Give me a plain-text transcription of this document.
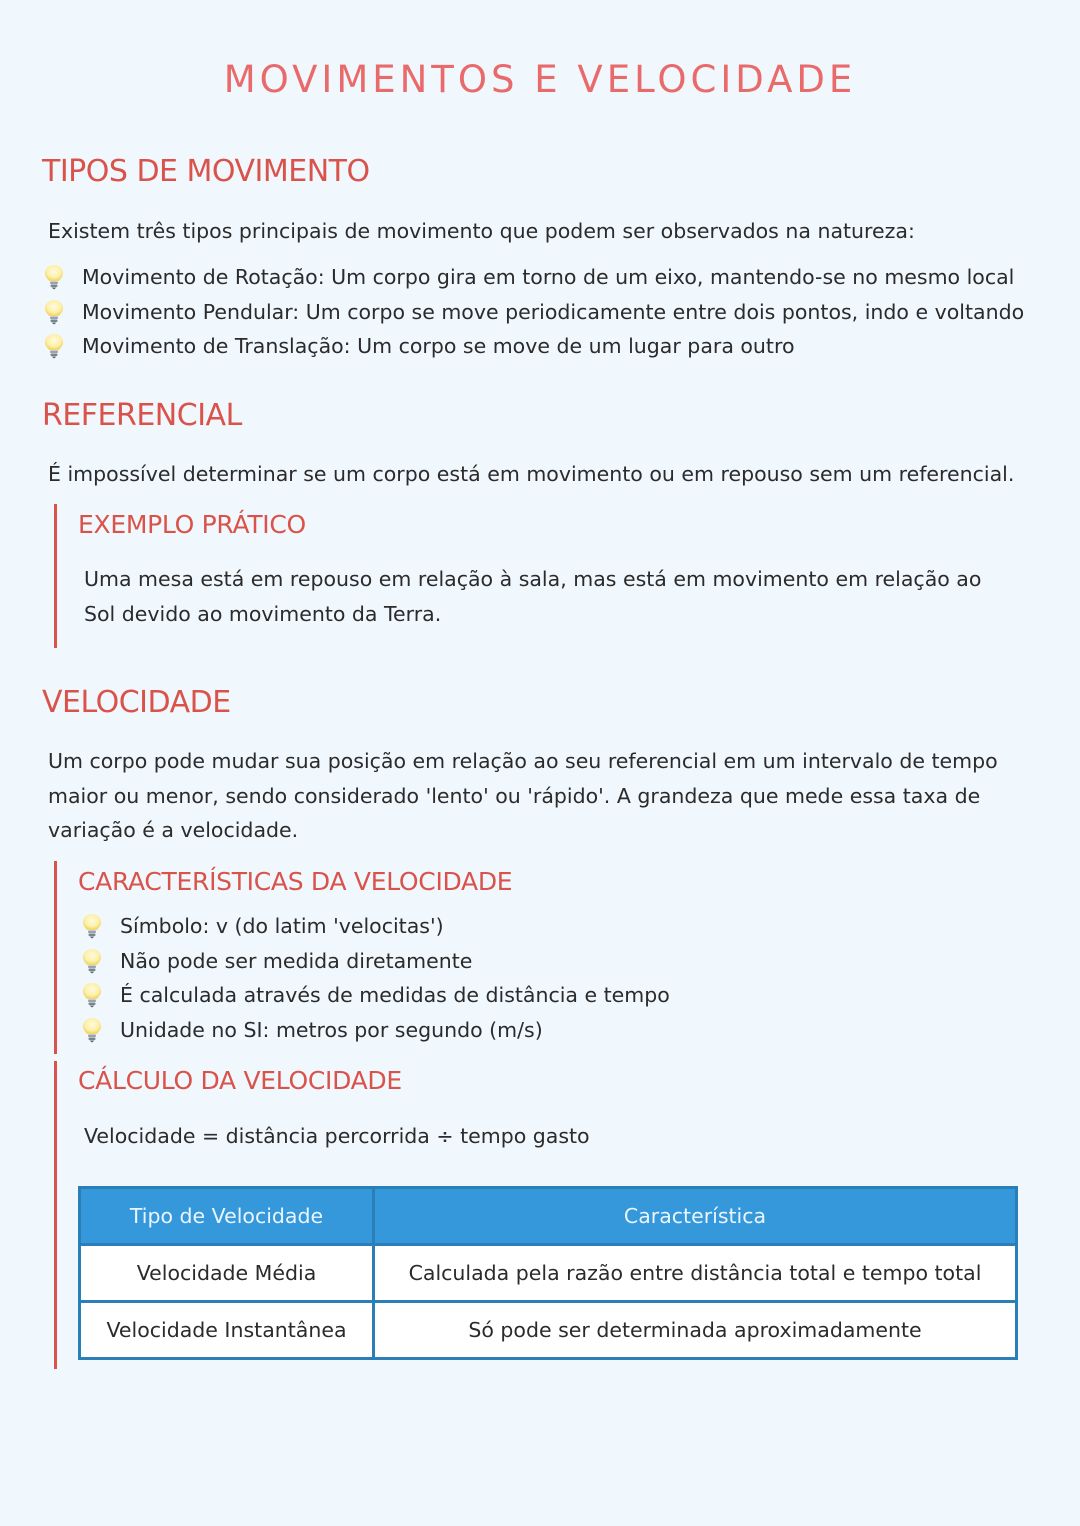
MOVIMENTOS E VELOCIDADE
TIPOS DE MOVIMENTO

Existem três tipos principais de movimento que podem ser observados na natureza:

Movimento de Rotação: Um corpo gira em torno de um eixo, mantendo-se no mesmo local
Movimento Pendular: Um corpo se move periodicamente entre dois pontos, indo e voltando
Movimento de Translação: Um corpo se move de um lugar para outro
REFERENCIAL

É impossível determinar se um corpo está em movimento ou em repouso sem um referencial.

EXEMPLO PRÁTICO

Uma mesa está em repouso em relação à sala, mas está em movimento em relação ao Sol devido ao movimento da Terra.

VELOCIDADE

Um corpo pode mudar sua posição em relação ao seu referencial em um intervalo de tempo maior ou menor, sendo considerado 'lento' ou 'rápido'. A grandeza que mede essa taxa de variação é a velocidade.

CARACTERÍSTICAS DA VELOCIDADE
Símbolo: v (do latim 'velocitas')
Não pode ser medida diretamente
É calculada através de medidas de distância e tempo
Unidade no SI: metros por segundo (m/s)
CÁLCULO DA VELOCIDADE

Velocidade = distância percorrida ÷ tempo gasto

Tipo de Velocidade	Característica
Velocidade Média	Calculada pela razão entre distância total e tempo total
Velocidade Instantânea	Só pode ser determinada aproximadamente
